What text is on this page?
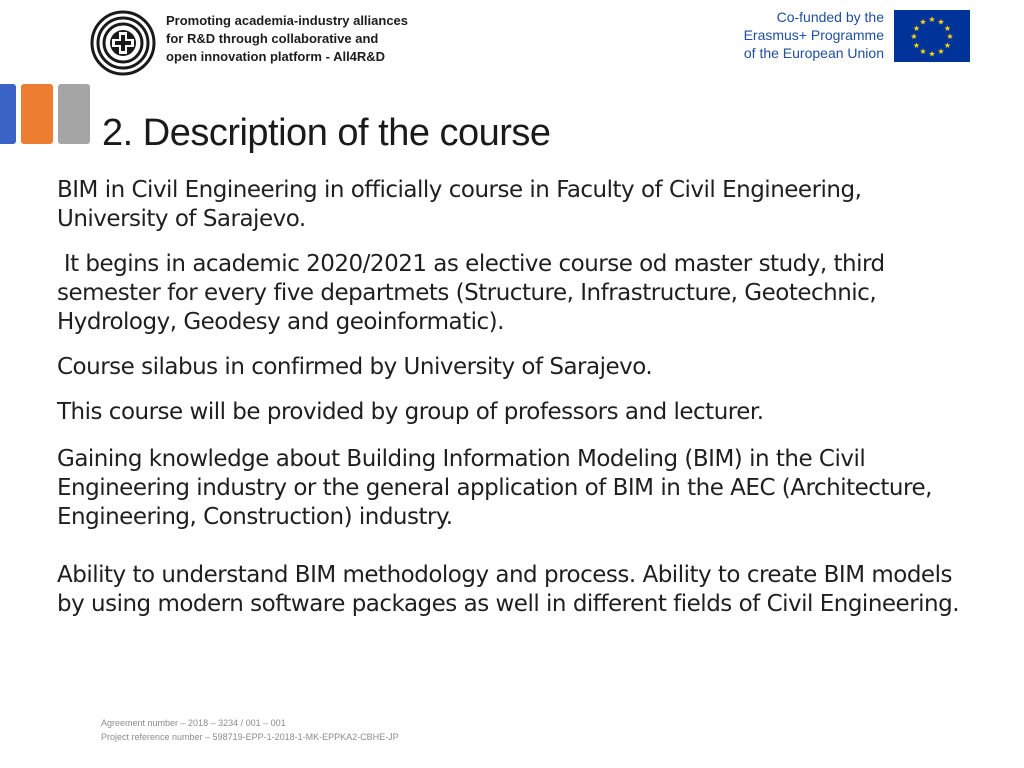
Promoting academia-industry alliances
for R&D through collaborative and
open innovation platform - All4R&D
Co-funded by the
Erasmus+ Programme
of the European Union
★ ★
★
★
★
★
★
★
★
★
★
★
2. Description of the course

BIM in Civil Engineering in officially course in Faculty of Civil Engineering, University of Sarajevo.

It begins in academic 2020/2021 as elective course od master study, third semester for every five departmets (Structure, Infrastructure, Geotechnic, Hydrology, Geodesy and geoinformatic).

Course silabus in confirmed by University of Sarajevo.

This course will be provided by group of professors and lecturer.

Gaining knowledge about Building Information Modeling (BIM) in the Civil Engineering industry or the general application of BIM in the AEC (Architecture, Engineering, Construction) industry.

Ability to understand BIM methodology and process. Ability to create BIM models by using modern software packages as well in different fields of Civil Engineering.

Agreement number – 2018 – 3234 / 001 – 001
Project reference number – 598719-EPP-1-2018-1-MK-EPPKA2-CBHE-JP
